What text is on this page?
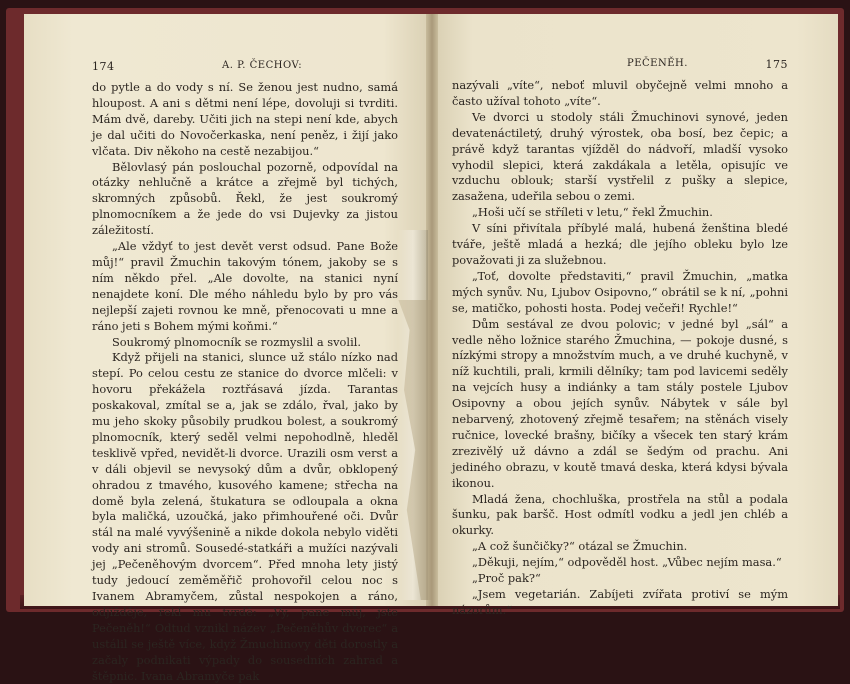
174	A. P. ČECHOV:

do pytle a do vody s ní. Se ženou jest nudno, samá hloupost. A ani s dětmi není lépe, dovoluji si tvrditi. Mám dvě, dareby. Učiti jich na stepi není kde, abych je dal učiti do Novočerkaska, není peněz, i žijí jako vlčata. Div někoho na cestě nezabijou.“

Bělovlasý pán poslouchal pozorně, odpovídal na otázky nehlučně a krátce a zřejmě byl tichých, skromných způsobů. Řekl, že jest soukromý plnomocníkem a že jede do vsi Dujevky za jistou záležitostí.

„Ale vždyť to jest devět verst odsud. Pane Bože můj!“ pravil Žmuchin takovým tónem, jakoby se s ním někdo přel. „Ale dovolte, na stanici nyní nenajdete koní. Dle mého náhledu bylo by pro vás nejlepší zajeti rovnou ke mně, přenocovati u mne a ráno jeti s Bohem mými koňmi.“

Soukromý plnomocník se rozmyslil a svolil.

Když přijeli na stanici, slunce už stálo nízko nad stepí. Po celou cestu ze stanice do dvorce mlčeli: v hovoru překážela roztřásavá jízda. Tarantas poskakoval, zmítal se a, jak se zdálo, řval, jako by mu jeho skoky působily prudkou bolest, a soukromý plnomocník, který seděl velmi nepohodlně, hleděl tesklivě vpřed, nevidět-li dvorce. Urazili osm verst a v dáli objevil se nevysoký dům a dvůr, obklopený ohradou z tmavého, kusového kamene; střecha na domě byla zelená, štukatura se odloupala a okna byla maličká, uzoučká, jako přimhouřené oči. Dvůr stál na malé vyvýšenině a nikde dokola nebylo viděti vody ani stromů. Sousedé-statkáři a mužíci nazývali jej „Pečeněhovým dvorcem“. Před mnoha lety jistý tudy jedoucí zeměměřič prohovořil celou noc s Ivanem Abramyčem, zůstal nespokojen a ráno, odjížděje, řekl mu tvrdě: „Vy, pane můj, jste Pečeněh!“ Odtud vznikl název „Pečeněhův dvorec“ a ustálil se ještě více, když Žmuchinovy děti dorostly a začaly podnikati výpady do sousedních zahrad a štěpnic. Ivana Abramyče pak

PEČENĚH.	175

nazývali „víte“, neboť mluvil obyčejně velmi mnoho a často užíval tohoto „víte“.

Ve dvorci u stodoly stáli Žmuchinovi synové, jeden devatenáctiletý, druhý výrostek, oba bosí, bez čepic; a právě když tarantas vjížděl do nádvoří, mladší vysoko vyhodil slepici, která zakdákala a letěla, opisujíc ve vzduchu oblouk; starší vystřelil z pušky a slepice, zasažena, udeřila sebou o zemi.

„Hoši učí se stříleti v letu,“ řekl Žmuchin.

V síni přivítala příbylé malá, hubená ženština bledé tváře, ještě mladá a hezká; dle jejího obleku bylo lze považovati ji za služebnou.

„Toť, dovolte představiti,“ pravil Žmuchin, „matka mých synův. Nu, Ljubov Osipovno,“ obrátil se k ní, „pohni se, matičko, pohosti hosta. Podej večeři! Rychle!“

Dům sestával ze dvou polovic; v jedné byl „sál“ a vedle něho ložnice starého Žmuchina, — pokoje dusné, s nízkými stropy a množstvím much, a ve druhé kuchyně, v níž kuchtili, prali, krmili dělníky; tam pod lavicemi seděly na vejcích husy a indiánky a tam stály postele Ljubov Osipovny a obou jejích synův. Nábytek v sále byl nebarvený, zhotovený zřejmě tesařem; na stěnách visely ručnice, lovecké brašny, bičíky a všecek ten starý krám zrezivělý už dávno a zdál se šedým od prachu. Ani jediného obrazu, v koutě tmavá deska, která kdysi bývala ikonou.

Mladá žena, chochluška, prostřela na stůl a podala šunku, pak baršč. Host odmítl vodku a jedl jen chléb a okurky.

„A což šunčičky?“ otázal se Žmuchin.

„Děkuji, nejím,“ odpověděl host. „Vůbec nejím masa.“

„Proč pak?“

„Jsem vegetarián. Zabíjeti zvířata protiví se mým názorům.“
